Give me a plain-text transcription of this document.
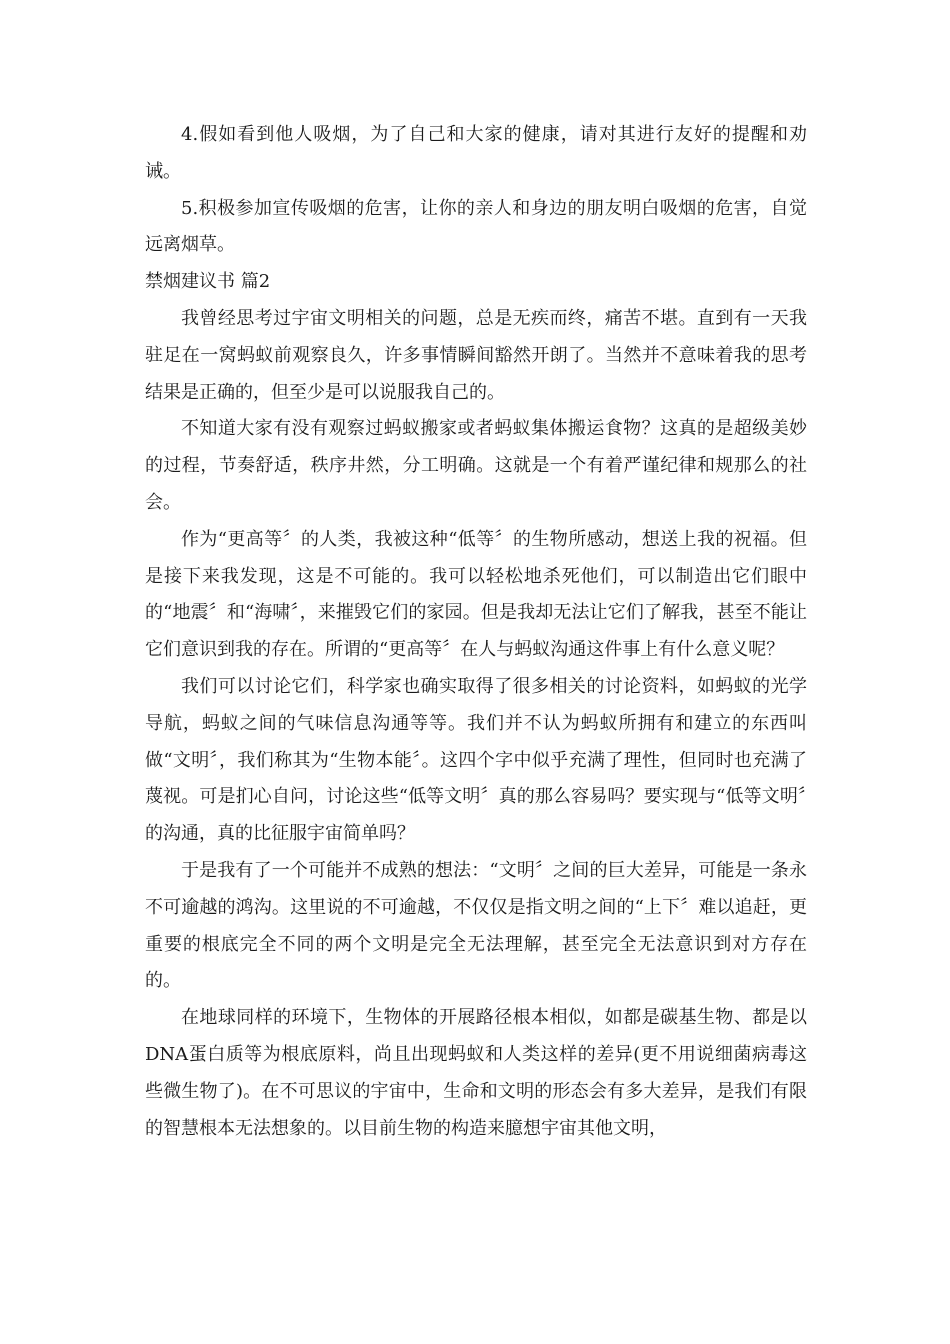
4.假如看到他人吸烟，为了自己和大家的健康，请对其进行友好的提醒和劝诫。

5.积极参加宣传吸烟的危害，让你的亲人和身边的朋友明白吸烟的危害，自觉远离烟草。

禁烟建议书 篇2

我曾经思考过宇宙文明相关的问题，总是无疾而终，痛苦不堪。直到有一天我驻足在一窝蚂蚁前观察良久，许多事情瞬间豁然开朗了。当然并不意味着我的思考结果是正确的，但至少是可以说服我自己的。

不知道大家有没有观察过蚂蚁搬家或者蚂蚁集体搬运食物？这真的是超级美妙的过程，节奏舒适，秩序井然，分工明确。这就是一个有着严谨纪律和规那么的社会。

作为“更高等〞的人类，我被这种“低等〞的生物所感动，想送上我的祝福。但是接下来我发现，这是不可能的。我可以轻松地杀死他们，可以制造出它们眼中的“地震〞和“海啸〞，来摧毁它们的家园。但是我却无法让它们了解我，甚至不能让它们意识到我的存在。所谓的“更高等〞在人与蚂蚁沟通这件事上有什么意义呢？

我们可以讨论它们，科学家也确实取得了很多相关的讨论资料，如蚂蚁的光学导航，蚂蚁之间的气味信息沟通等等。我们并不认为蚂蚁所拥有和建立的东西叫做“文明〞，我们称其为“生物本能〞。这四个字中似乎充满了理性，但同时也充满了蔑视。可是扪心自问，讨论这些“低等文明〞真的那么容易吗？要实现与“低等文明〞的沟通，真的比征服宇宙简单吗？

于是我有了一个可能并不成熟的想法：“文明〞之间的巨大差异，可能是一条永不可逾越的鸿沟。这里说的不可逾越，不仅仅是指文明之间的“上下〞难以追赶，更重要的根底完全不同的两个文明是完全无法理解，甚至完全无法意识到对方存在的。

在地球同样的环境下，生物体的开展路径根本相似，如都是碳基生物、都是以DNA蛋白质等为根底原料，尚且出现蚂蚁和人类这样的差异(更不用说细菌病毒这些微生物了)。在不可思议的宇宙中，生命和文明的形态会有多大差异，是我们有限的智慧根本无法想象的。以目前生物的构造来臆想宇宙其他文明，
